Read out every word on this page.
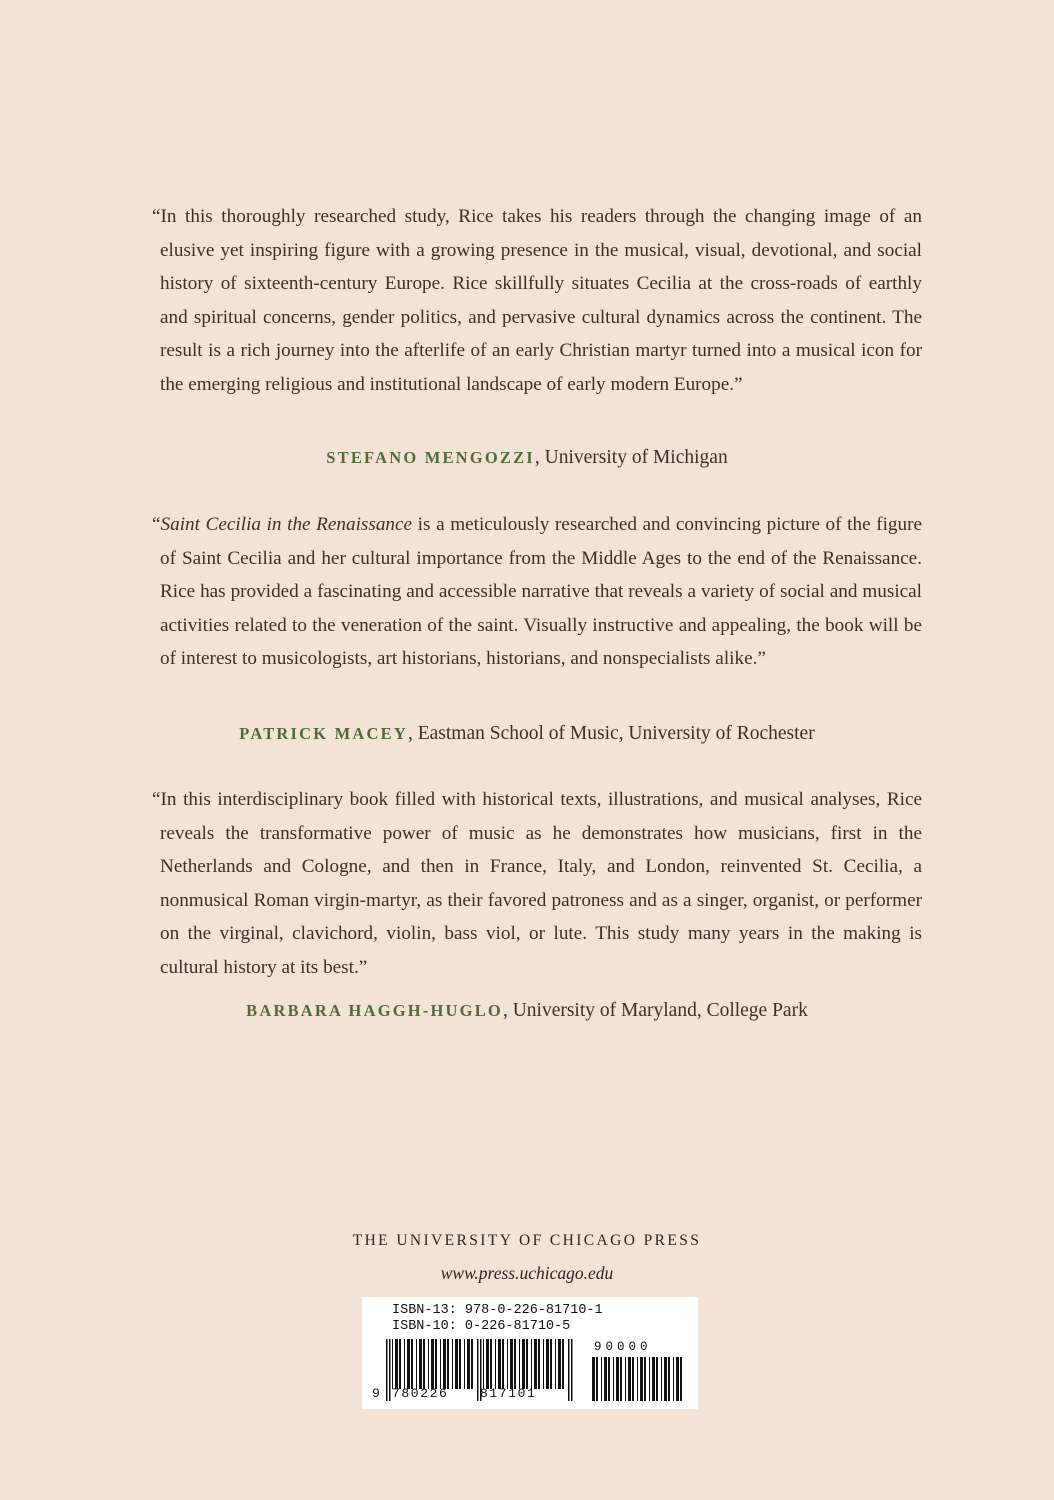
“In this thoroughly researched study, Rice takes his readers through the changing image of an elusive yet inspiring figure with a growing presence in the musical, visual, devotional, and social history of sixteenth-century Europe. Rice skillfully situates Cecilia at the cross-roads of earthly and spiritual concerns, gender politics, and pervasive cultural dynamics across the continent. The result is a rich journey into the afterlife of an early Christian martyr turned into a musical icon for the emerging religious and institutional landscape of early modern Europe.”

STEFANO MENGOZZI, University of Michigan

“Saint Cecilia in the Renaissance is a meticulously researched and convincing picture of the figure of Saint Cecilia and her cultural importance from the Middle Ages to the end of the Renaissance. Rice has provided a fascinating and accessible narrative that reveals a variety of social and musical activities related to the veneration of the saint. Visually instructive and appealing, the book will be of interest to musicologists, art historians, historians, and nonspecialists alike.”

PATRICK MACEY, Eastman School of Music, University of Rochester

“In this interdisciplinary book filled with historical texts, illustrations, and musical analyses, Rice reveals the transformative power of music as he demonstrates how musicians, first in the Netherlands and Cologne, and then in France, Italy, and London, reinvented St. Cecilia, a nonmusical Roman virgin-martyr, as their favored patroness and as a singer, organist, or performer on the virginal, clavichord, violin, bass viol, or lute. This study many years in the making is cultural history at its best.”

BARBARA HAGGH-HUGLO, University of Maryland, College Park

THE UNIVERSITY OF CHICAGO PRESS
www.press.uchicago.edu
ISBN-13: 978-0-226-81710-1
ISBN-10: 0-226-81710-5
90000
9 780226 817101
